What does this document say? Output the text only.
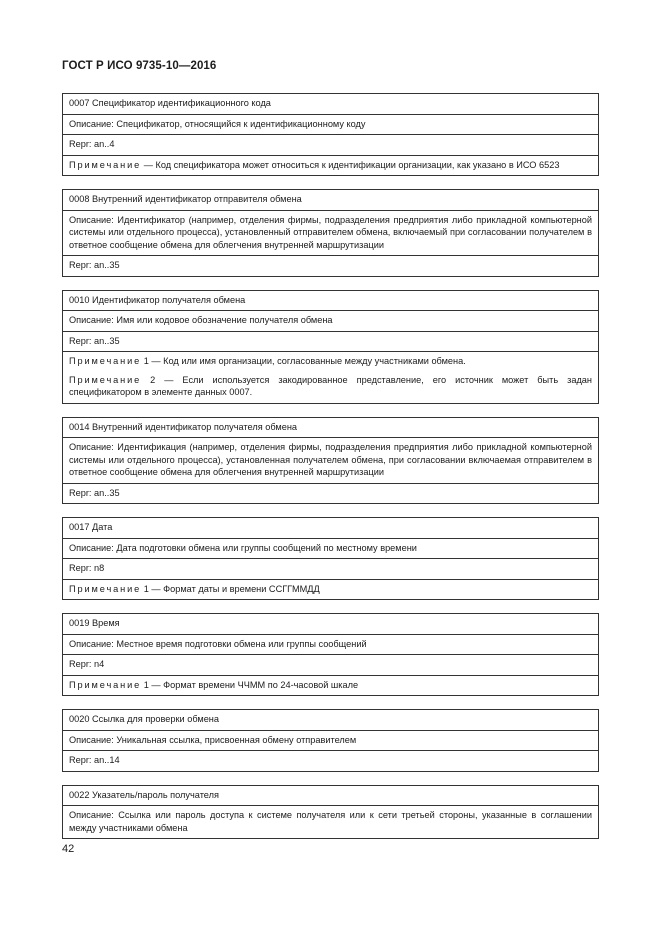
ГОСТ Р ИСО 9735-10—2016
0007 Спецификатор идентификационного кода
Описание: Спецификатор, относящийся к идентификационному коду
Repr: an..4

Примечание — Код спецификатора может относиться к идентификации организации, как указано в ИСО 6523

0008 Внутренний идентификатор отправителя обмена
Описание: Идентификатор (например, отделения фирмы, подразделения предприятия либо прикладной компьютерной системы или отдельного процесса), установленный отправителем обмена, включаемый при согласовании получателем в ответное сообщение обмена для облегчения внутренней маршрутизации
Repr: an..35
0010 Идентификатор получателя обмена
Описание: Имя или кодовое обозначение получателя обмена
Repr: an..35

Примечание 1 — Код или имя организации, согласованные между участниками обмена.

Примечание 2 — Если используется закодированное представление, его источник может быть задан спецификатором в элементе данных 0007.

0014 Внутренний идентификатор получателя обмена
Описание: Идентификация (например, отделения фирмы, подразделения предприятия либо прикладной компьютерной системы или отдельного процесса), установленная получателем обмена, при согласовании включаемая отправителем в ответное сообщение обмена для облегчения внутренней маршрутизации
Repr: an..35
0017 Дата
Описание: Дата подготовки обмена или группы сообщений по местному времени
Repr: n8

Примечание 1 — Формат даты и времени ССГГММДД

0019 Время
Описание: Местное время подготовки обмена или группы сообщений
Repr: n4

Примечание 1 — Формат времени ЧЧММ по 24-часовой шкале

0020 Ссылка для проверки обмена
Описание: Уникальная ссылка, присвоенная обмену отправителем
Repr: an..14
0022 Указатель/пароль получателя
Описание: Ссылка или пароль доступа к системе получателя или к сети третьей стороны, указанные в соглашении между участниками обмена
42
